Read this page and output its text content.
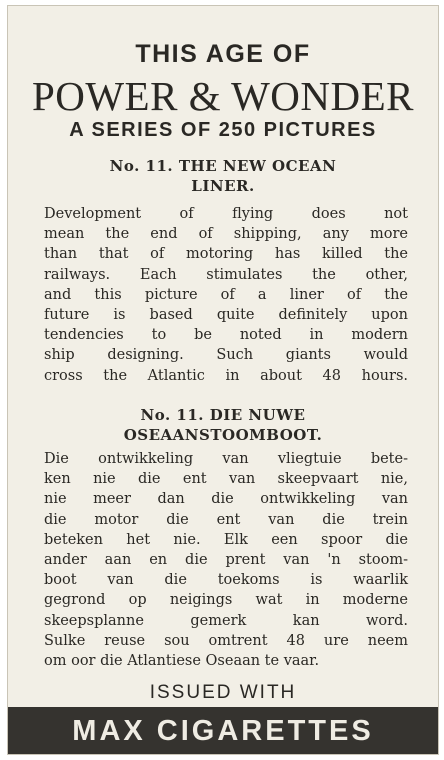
THIS AGE OF
POWER & WONDER
A SERIES OF 250 PICTURES
No. 11. THE NEW OCEAN
LINER.
Development of flying does not
mean the end of shipping, any more
than that of motoring has killed the
railways. Each stimulates the other,
and this picture of a liner of the
future is based quite definitely upon
tendencies to be noted in modern
ship designing. Such giants would
cross the Atlantic in about 48 hours.
No. 11. DIE NUWE
OSEAANSTOOMBOOT.
Die ontwikkeling van vliegtuie bete-
ken nie die ent van skeepvaart nie,
nie meer dan die ontwikkeling van
die motor die ent van die trein
beteken het nie. Elk een spoor die
ander aan en die prent van 'n stoom-
boot van die toekoms is waarlik
gegrond op neigings wat in moderne
skeepsplanne gemerk kan word.
Sulke reuse sou omtrent 48 ure neem
om oor die Atlantiese Oseaan te vaar.
ISSUED WITH
MAX CIGARETTES
